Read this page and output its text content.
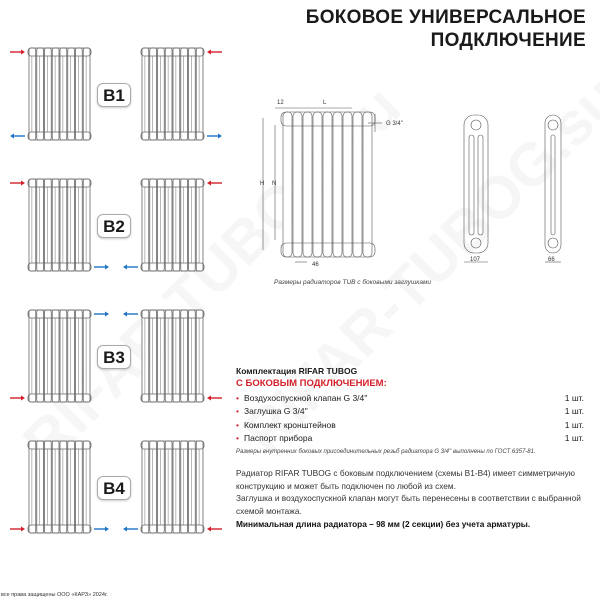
БОКОВОЕ УНИВЕРСАЛЬНОЕ
ПОДКЛЮЧЕНИЕ
B1
B2
B3
B4
12	L
H N
G 3/4''
46
107	66
Размеры радиаторов TUB с боковыми заглушками
Комплектация RIFAR TUBOG
С БОКОВЫМ ПОДКЛЮЧЕНИЕМ:
• Воздухоспускной клапан G 3/4''	1 шт.
• Заглушка G 3/4''	1 шт.
• Комплект кронштейнов	1 шт.
• Паспорт прибора	1 шт.
Размеры внутренних боковых присоединительных резьб радиатора G 3/4'' выполнены по ГОСТ 6357-81.

Радиатор RIFAR TUBOG с боковым подключением (схемы В1-В4) имеет симметричную конструкцию и может быть подключен по любой из схем.

Заглушка и воздухоспускной клапан могут быть перенесены в соответствии с выбранной схемой монтажа.

Минимальная длина радиатора – 98 мм (2 секции) без учета арматуры.

все права защищены ООО «КАРЗ» 2024г.
